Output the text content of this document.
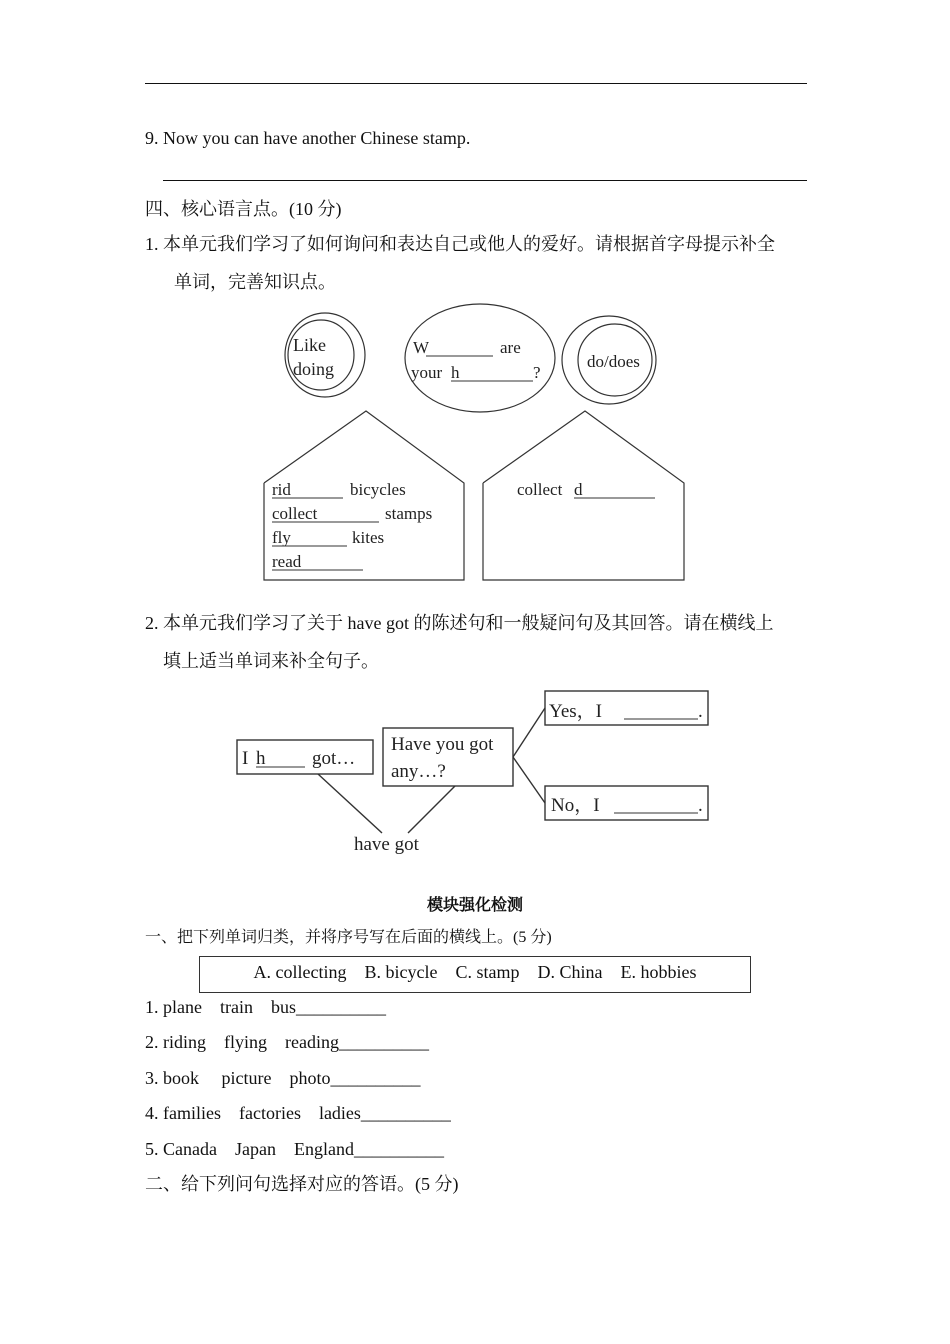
9. Now you can have another Chinese stamp.
四、核心语言点。(10 分)
1. 本单元我们学习了如何询问和表达自己或他人的爱好。请根据首字母提示补全
单词，完善知识点。
Like
doing
W	are
your h	?
do/does
rid	bicycles
collect	stamps
fly	kites
read
collect d
2. 本单元我们学习了关于 have got 的陈述句和一般疑问句及其回答。请在横线上
填上适当单词来补全句子。
I h got…
Have you got
any…?
Yes，I	.
No，I	.
have got
模块强化检测
一、把下列单词归类，并将序号写在后面的横线上。(5 分)
A. collecting    B. bicycle    C. stamp    D. China    E. hobbies
1. plane    train    bus__________
2. riding    flying    reading__________
3. book     picture    photo__________
4. families    factories    ladies__________
5. Canada    Japan    England__________
二、给下列问句选择对应的答语。(5 分)
